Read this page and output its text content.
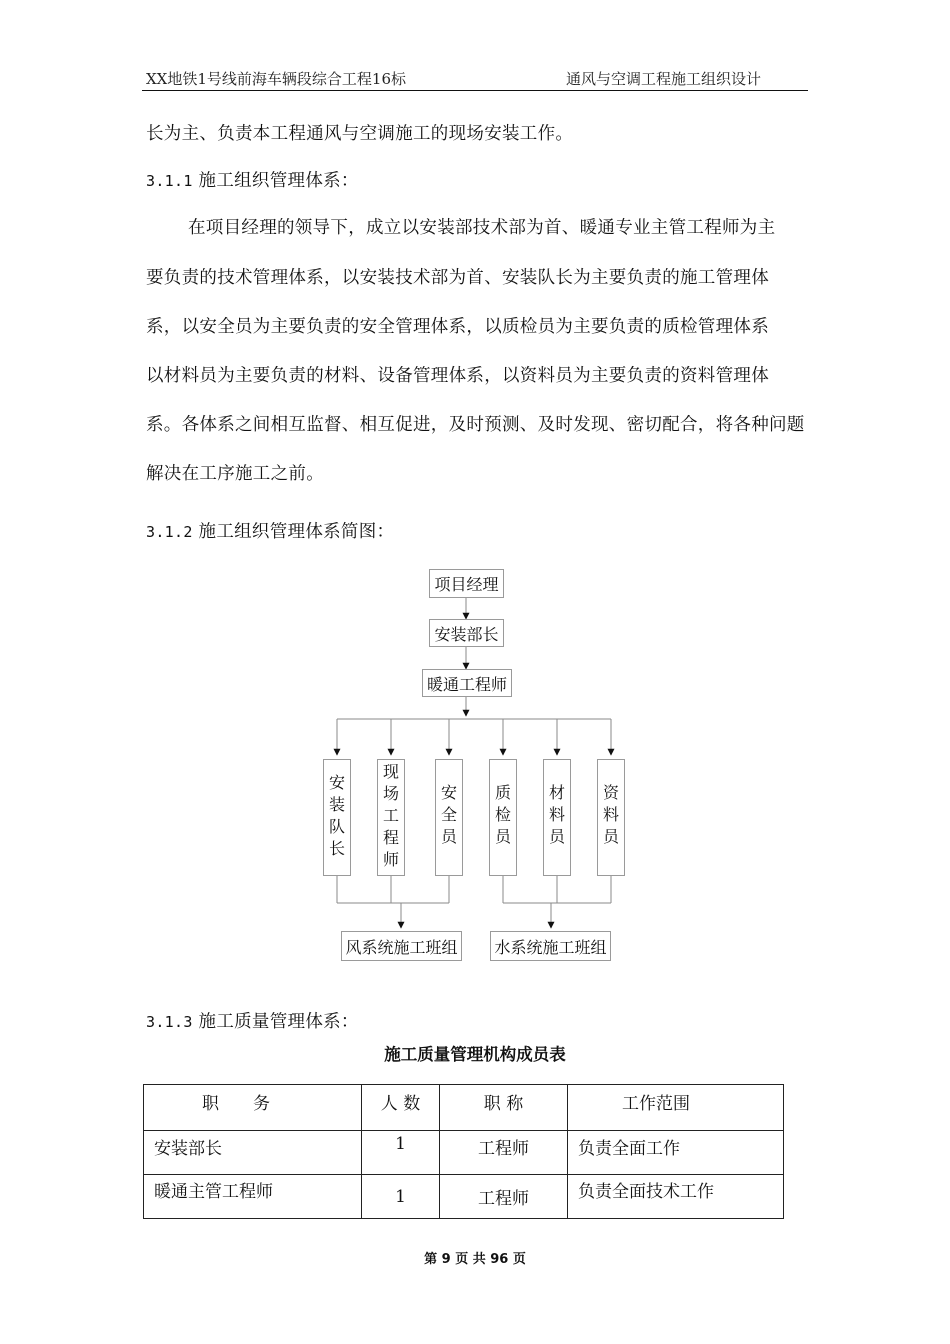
XX地铁1号线前海车辆段综合工程16标	通风与空调工程施工组织设计
长为主、负责本工程通风与空调施工的现场安装工作。
3.1.1 施工组织管理体系：
在项目经理的领导下，成立以安装部技术部为首、暖通专业主管工程师为主
要负责的技术管理体系，以安装技术部为首、安装队长为主要负责的施工管理体
系，以安全员为主要负责的安全管理体系，以质检员为主要负责的质检管理体系
以材料员为主要负责的材料、设备管理体系，以资料员为主要负责的资料管理体
系。各体系之间相互监督、相互促进，及时预测、及时发现、密切配合，将各种问题
解决在工序施工之前。
3.1.2 施工组织管理体系简图：
项目经理
安装部长
暖通工程师
安
装
队
长
现
场
工
程
师
安
全
员
质
检
员
材
料
员
资
料
员
风系统施工班组 水系统施工班组
3.1.3 施工质量管理体系：
施工质量管理机构成员表
职　　务	人 数	职 称	工作范围
安装部长	1	工程师	负责全面工作
暖通主管工程师	1	工程师	负责全面技术工作
第 9 页 共 96 页
